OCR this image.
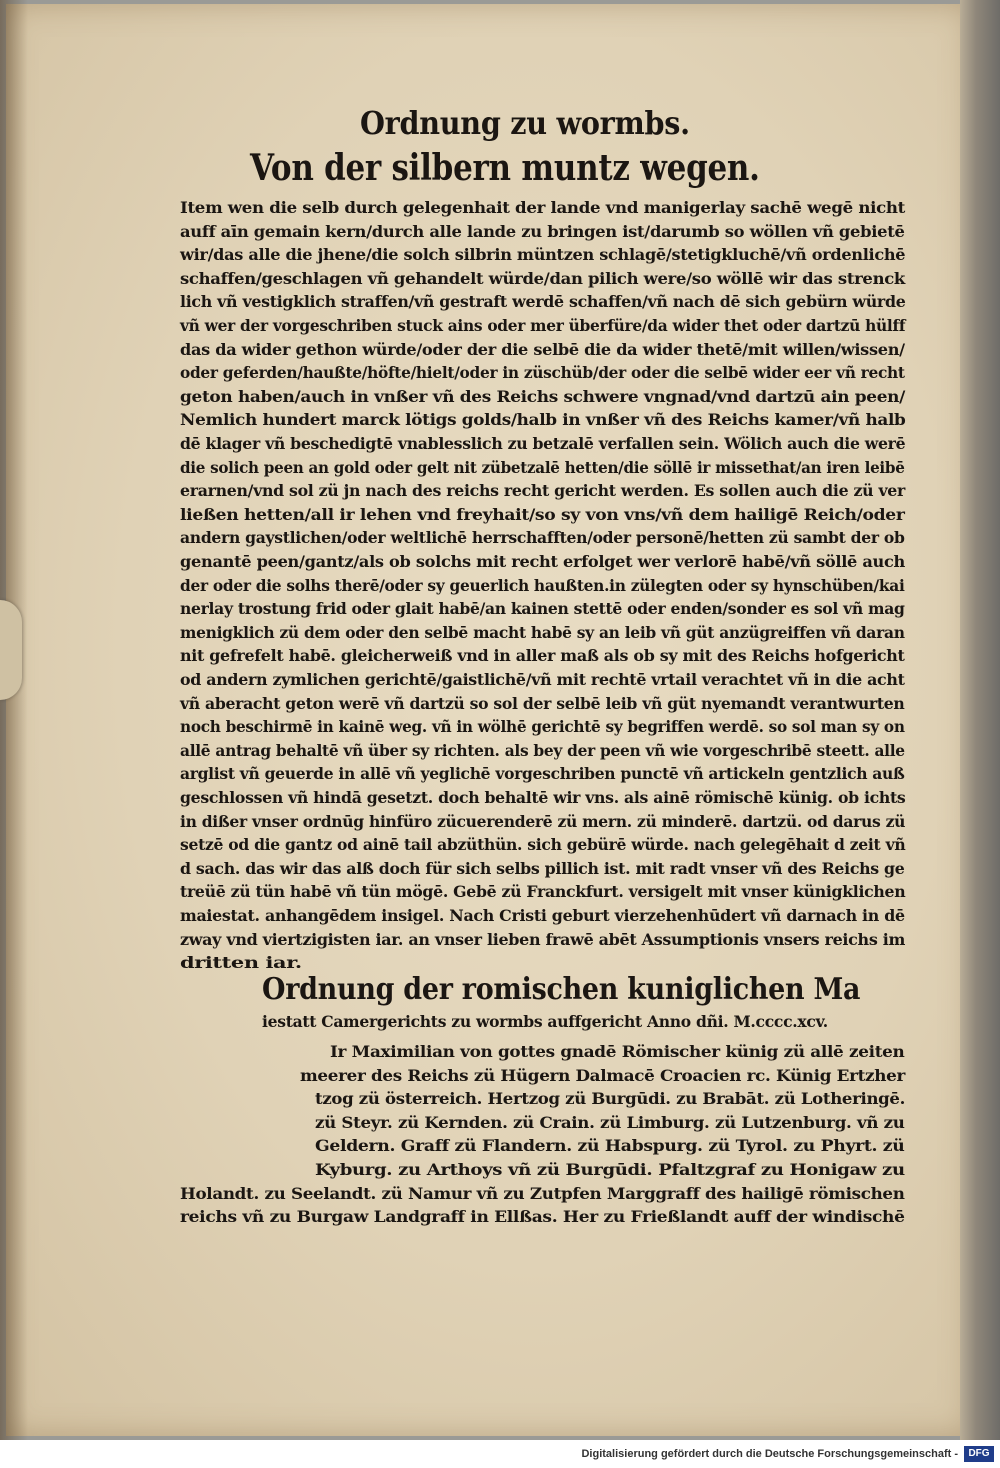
Ordnung zu wormbs.
Von der silbern muntz wegen.
Item wen die selb durch gelegenhait der lande vnd manigerlay sachē wegē nicht
auff aīn gemain kern/durch alle lande zu bringen ist/darumb so wöllen vñ gebietē
wir/das alle die jhene/die solch silbrin müntzen schlagē/stetigkluchē/vñ ordenlichē
schaffen/geschlagen vñ gehandelt würde/dan pilich were/so wöllē wir das strenck
lich vñ vestigklich straffen/vñ gestraft werdē schaffen/vñ nach dē sich gebürn würde
vñ wer der vorgeschriben stuck ains oder mer überfüre/da wider thet oder dartzū hülff
das da wider gethon würde/oder der die selbē die da wider thetē/mit willen/wissen/
oder geferden/haußte/höfte/hielt/oder in züschüb/der oder die selbē wider eer vñ recht
geton haben/auch in vnßer vñ des Reichs schwere vngnad/vnd dartzū ain peen/
Nemlich hundert marck lötigs golds/halb in vnßer vñ des Reichs kamer/vñ halb
dē klager vñ beschedigtē vnablesslich zu betzalē verfallen sein. Wölich auch die werē
die solich peen an gold oder gelt nit zübetzalē hetten/die söllē ir missethat/an iren leibē
erarnen/vnd sol zü jn nach des reichs recht gericht werden. Es sollen auch die zü ver
ließen hetten/all ir lehen vnd freyhait/so sy von vns/vñ dem hailigē Reich/oder
andern gaystlichen/oder weltlichē herrschafften/oder personē/hetten zü sambt der ob
genantē peen/gantz/als ob solchs mit recht erfolget wer verlorē habē/vñ söllē auch
der oder die solhs therē/oder sy geuerlich haußten.in zülegten oder sy hynschüben/kai
nerlay trostung frid oder glait habē/an kainen stettē oder enden/sonder es sol vñ mag
menigklich zü dem oder den selbē macht habē sy an leib vñ güt anzügreiffen vñ daran
nit gefrefelt habē. gleicherweiß vnd in aller maß als ob sy mit des Reichs hofgericht
od andern zymlichen gerichtē/gaistlichē/vñ mit rechtē vrtail verachtet vñ in die acht
vñ aberacht geton werē vñ dartzü so sol der selbē leib vñ güt nyemandt verantwurten
noch beschirmē in kainē weg. vñ in wölhē gerichtē sy begriffen werdē. so sol man sy on
allē antrag behaltē vñ über sy richten. als bey der peen vñ wie vorgeschribē steett. alle
arglist vñ geuerde in allē vñ yeglichē vorgeschriben punctē vñ artickeln gentzlich auß
geschlossen vñ hindā gesetzt. doch behaltē wir vns. als ainē römischē künig. ob ichts
in dißer vnser ordnūg hinfüro zücuerenderē zü mern. zü minderē. dartzü. od darus zü
setzē od die gantz od ainē tail abzüthün. sich gebürē würde. nach gelegēhait d zeit vñ
d sach. das wir das alß doch für sich selbs pillich ist. mit radt vnser vñ des Reichs ge
treüē zü tün habē vñ tün mögē. Gebē zü Franckfurt. versigelt mit vnser künigklichen
maiestat. anhangēdem insigel. Nach Cristi geburt vierzehenhūdert vñ darnach in dē
zway vnd viertzigisten iar. an vnser lieben frawē abēt Assumptionis vnsers reichs im
dritten iar.
Ordnung der romischen kuniglichen Ma
iestatt Camergerichts zu wormbs auffgericht Anno dñi. M.cccc.xcv.
Ir Maximilian von gottes gnadē Römischer künig zü allē zeiten
meerer des Reichs zü Hügern Dalmacē Croacien rc. Künig Ertzher
tzog zü österreich. Hertzog zü Burgūdi. zu Brabāt. zü Lotheringē.
zü Steyr. zü Kernden. zü Crain. zü Limburg. zü Lutzenburg. vñ zu
Geldern. Graff zü Flandern. zü Habspurg. zü Tyrol. zu Phyrt. zü
Kyburg. zu Arthoys vñ zü Burgūdi. Pfaltzgraf zu Honigaw zu
Holandt. zu Seelandt. zü Namur vñ zu Zutpfen Marggraff des hailigē römischen
reichs vñ zu Burgaw Landgraff in Ellßas. Her zu Frießlandt auff der windischē
Digitalisierung gefördert durch die Deutsche Forschungsgemeinschaft -	DFG
